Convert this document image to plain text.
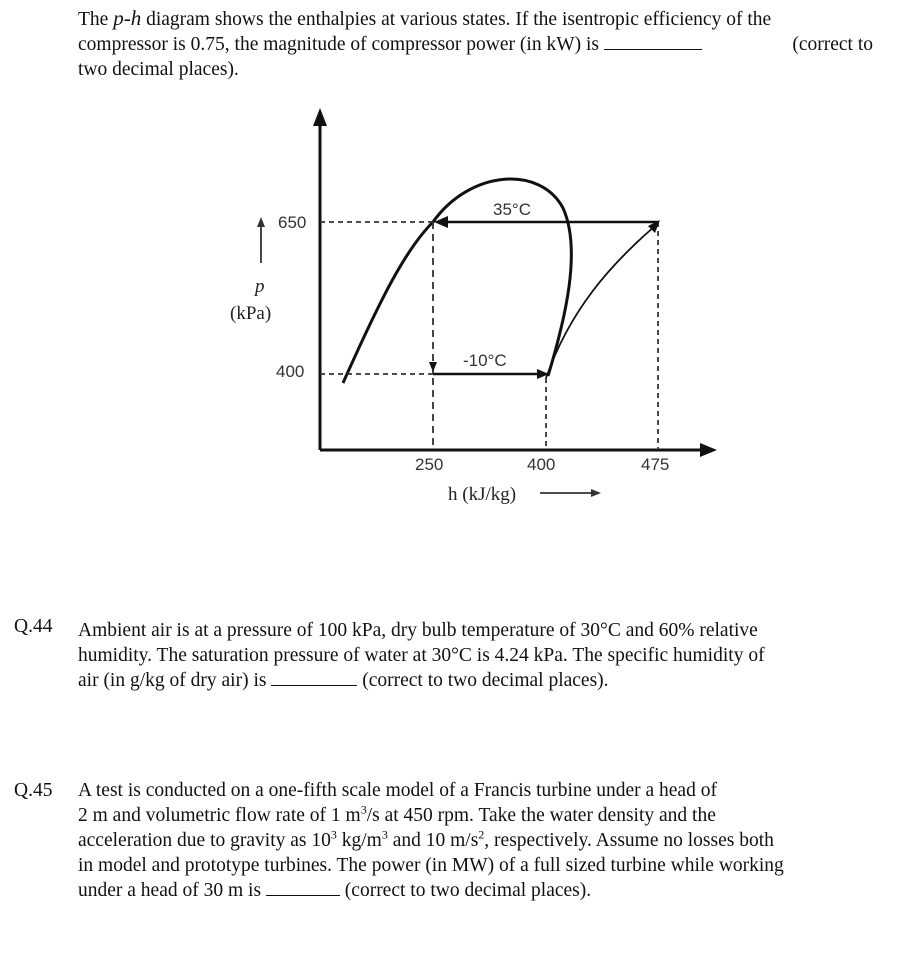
The p-h diagram shows the enthalpies at various states. If the isentropic efficiency of the
compressor is 0.75, the magnitude of compressor power (in kW) is	(correct to
two decimal places).
p
(kPa)
650
400
35°C
-10°C
250	400	475
h (kJ/kg)
Q.44 Ambient air is at a pressure of 100 kPa, dry bulb temperature of 30°C and 60% relative
humidity. The saturation pressure of water at 30°C is 4.24 kPa. The specific humidity of
air (in g/kg of dry air) is	(correct to two decimal places).
Q.45 A test is conducted on a one-fifth scale model of a Francis turbine under a head of
2 m and volumetric flow rate of 1 $m^3/s$ at 450 rpm. Take the water density and the
acceleration due to gravity as $10^3$ $kg/m^3$ and 10 $m/s^2$, respectively. Assume no losses both
in model and prototype turbines. The power (in MW) of a full sized turbine while working
under a head of 30 m is	(correct to two decimal places).
